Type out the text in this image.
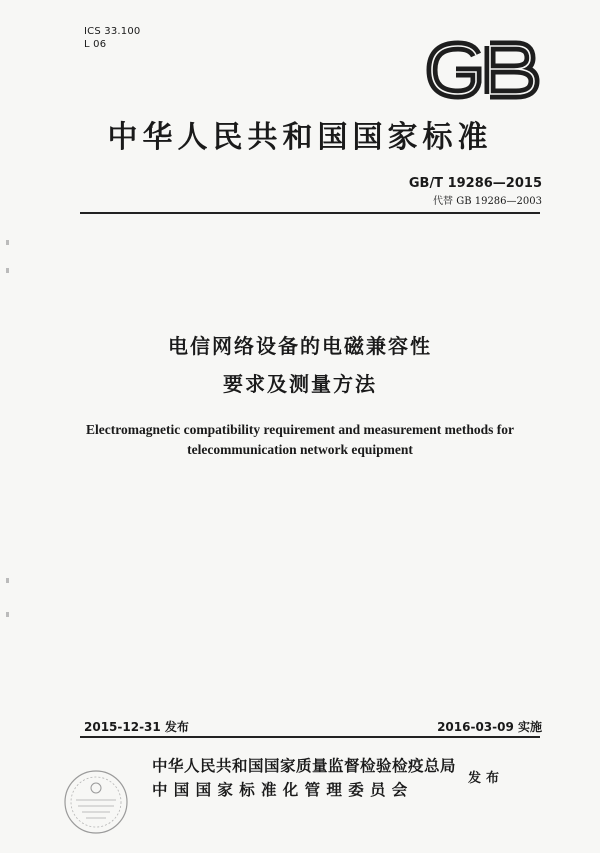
ICS 33.100
L 06
中华人民共和国国家标准
GB/T 19286—2015
代替 GB 19286—2003
电信网络设备的电磁兼容性
要求及测量方法
Electromagnetic compatibility requirement and measurement methods for
telecommunication network equipment
2015-12-31 发布	2016-03-09 实施
中华人民共和国国家质量监督检验检疫总局
中国国家标准化管理委员会
发布
